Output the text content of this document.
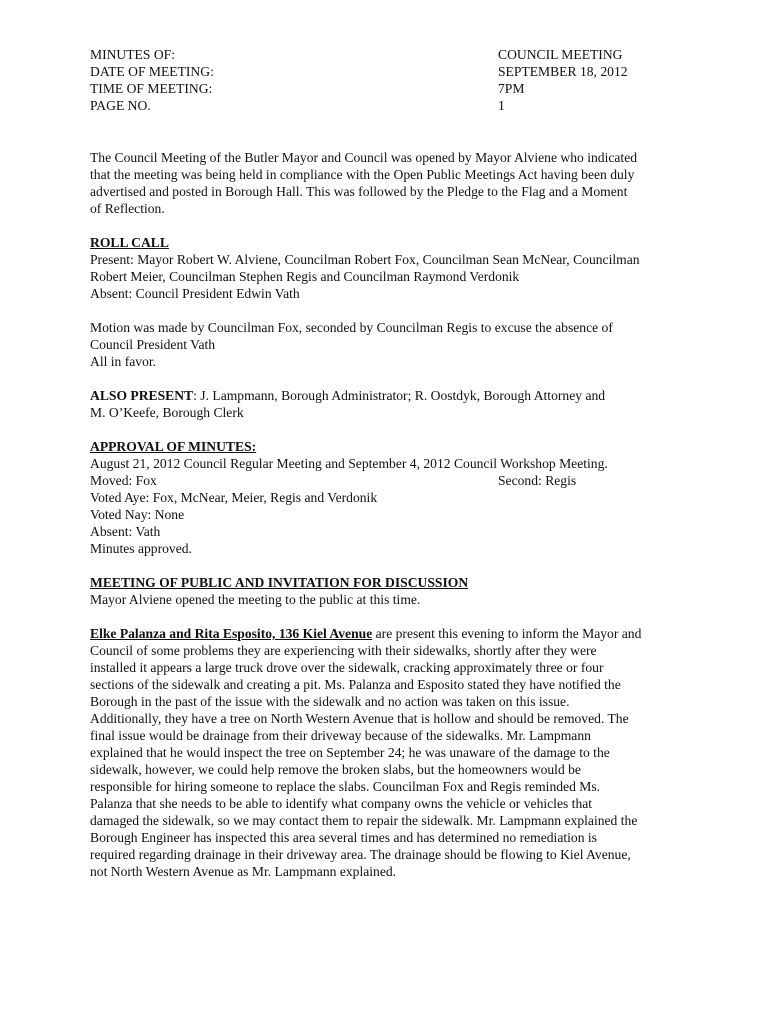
MINUTES OF:	COUNCIL MEETING
DATE OF MEETING:	SEPTEMBER 18, 2012
TIME OF MEETING:	7PM
PAGE NO.	1

The Council Meeting of the Butler Mayor and Council was opened by Mayor Alviene who indicated
that the meeting was being held in compliance with the Open Public Meetings Act having been duly
advertised and posted in Borough Hall. This was followed by the Pledge to the Flag and a Moment
of Reflection.

ROLL CALL
Present: Mayor Robert W. Alviene, Councilman Robert Fox, Councilman Sean McNear, Councilman
Robert Meier, Councilman Stephen Regis and Councilman Raymond Verdonik
Absent: Council President Edwin Vath
Motion was made by Councilman Fox, seconded by Councilman Regis to excuse the absence of
Council President Vath
All in favor.
ALSO PRESENT: J. Lampmann, Borough Administrator; R. Oostdyk, Borough Attorney and
M. O’Keefe, Borough Clerk
APPROVAL OF MINUTES:
August 21, 2012 Council Regular Meeting and September 4, 2012 Council Workshop Meeting.
Moved: Fox	Second: Regis
Voted Aye: Fox, McNear, Meier, Regis and Verdonik
Voted Nay: None
Absent: Vath
Minutes approved.
MEETING OF PUBLIC AND INVITATION FOR DISCUSSION
Mayor Alviene opened the meeting to the public at this time.
Elke Palanza and Rita Esposito, 136 Kiel Avenue are present this evening to inform the Mayor and
Council of some problems they are experiencing with their sidewalks, shortly after they were
installed it appears a large truck drove over the sidewalk, cracking approximately three or four
sections of the sidewalk and creating a pit. Ms. Palanza and Esposito stated they have notified the
Borough in the past of the issue with the sidewalk and no action was taken on this issue.
Additionally, they have a tree on North Western Avenue that is hollow and should be removed. The
final issue would be drainage from their driveway because of the sidewalks. Mr. Lampmann
explained that he would inspect the tree on September 24; he was unaware of the damage to the
sidewalk, however, we could help remove the broken slabs, but the homeowners would be
responsible for hiring someone to replace the slabs. Councilman Fox and Regis reminded Ms.
Palanza that she needs to be able to identify what company owns the vehicle or vehicles that
damaged the sidewalk, so we may contact them to repair the sidewalk. Mr. Lampmann explained the
Borough Engineer has inspected this area several times and has determined no remediation is
required regarding drainage in their driveway area. The drainage should be flowing to Kiel Avenue,
not North Western Avenue as Mr. Lampmann explained.
